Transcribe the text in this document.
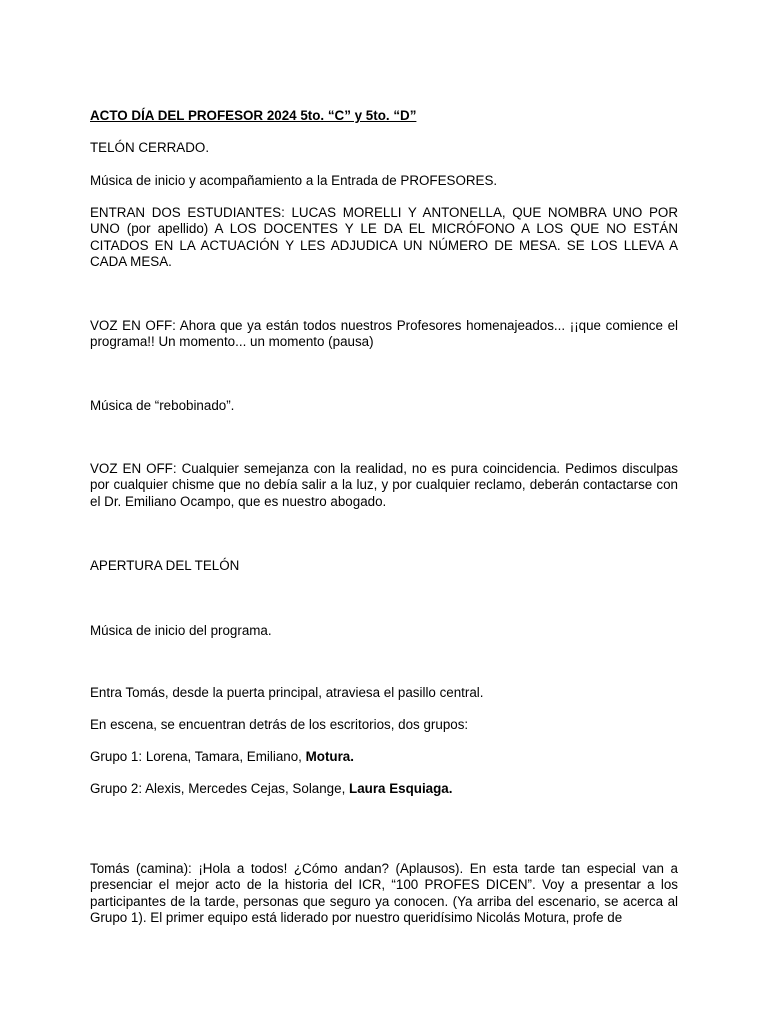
ACTO DÍA DEL PROFESOR 2024 5to. “C” y 5to. “D”

TELÓN CERRADO.

Música de inicio y acompañamiento a la Entrada de PROFESORES.

ENTRAN DOS ESTUDIANTES: LUCAS MORELLI Y ANTONELLA, QUE NOMBRA UNO POR UNO (por apellido) A LOS DOCENTES Y LE DA EL MICRÓFONO A LOS QUE NO ESTÁN CITADOS EN LA ACTUACIÓN Y LES ADJUDICA UN NÚMERO DE MESA. SE LOS LLEVA A CADA MESA.

VOZ EN OFF: Ahora que ya están todos nuestros Profesores homenajeados... ¡¡que comience el programa!! Un momento... un momento (pausa)

Música de “rebobinado”.

VOZ EN OFF: Cualquier semejanza con la realidad, no es pura coincidencia. Pedimos disculpas por cualquier chisme que no debía salir a la luz, y por cualquier reclamo, deberán contactarse con el Dr. Emiliano Ocampo, que es nuestro abogado.

APERTURA DEL TELÓN

Música de inicio del programa.

Entra Tomás, desde la puerta principal, atraviesa el pasillo central.

En escena, se encuentran detrás de los escritorios, dos grupos:

Grupo 1: Lorena, Tamara, Emiliano, Motura.

Grupo 2: Alexis, Mercedes Cejas, Solange, Laura Esquiaga.

Tomás (camina): ¡Hola a todos! ¿Cómo andan? (Aplausos). En esta tarde tan especial van a presenciar el mejor acto de la historia del ICR, “100 PROFES DICEN”. Voy a presentar a los participantes de la tarde, personas que seguro ya conocen. (Ya arriba del escenario, se acerca al Grupo 1). El primer equipo está liderado por nuestro queridísimo Nicolás Motura, profe de
